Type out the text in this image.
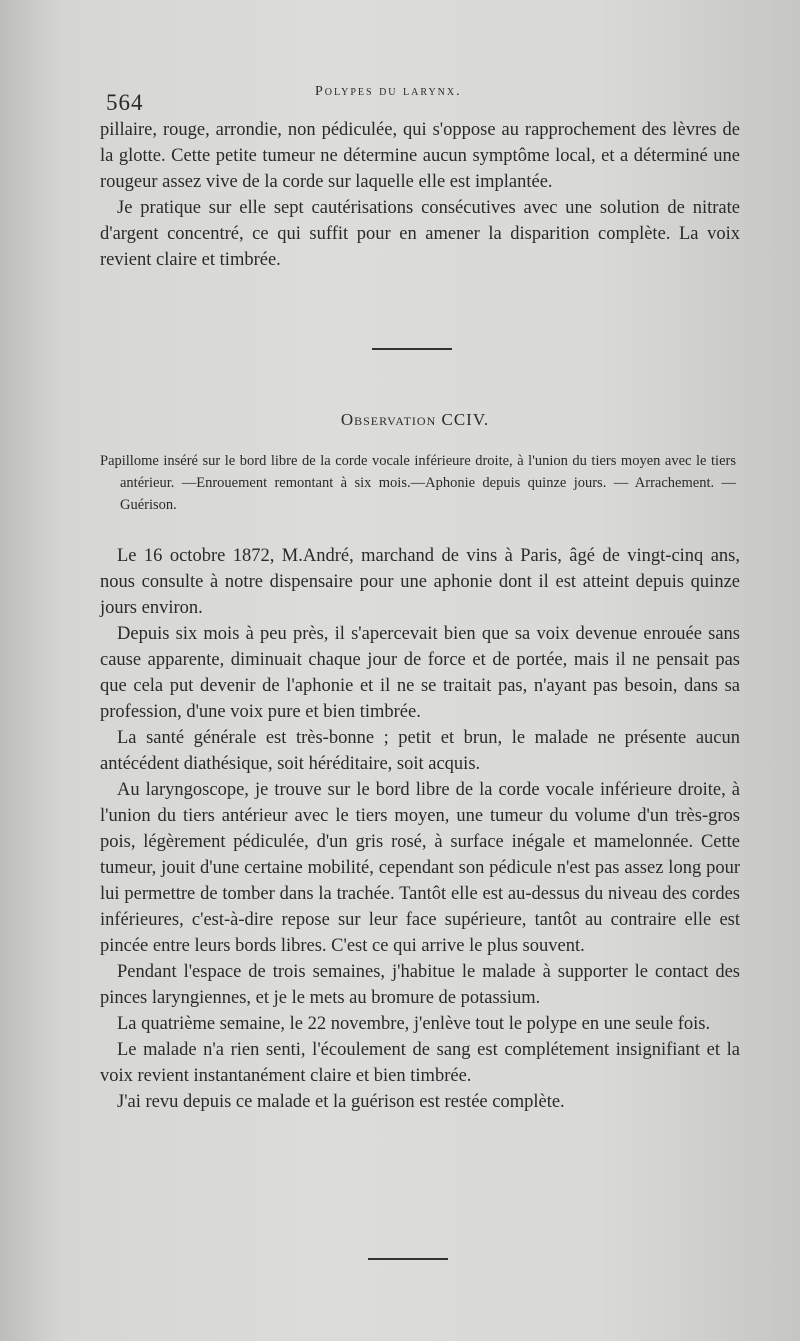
564	Polypes du larynx.

pillaire, rouge, arrondie, non pédiculée, qui s'oppose au rapprochement des lèvres de la glotte. Cette petite tumeur ne détermine aucun symptôme local, et a déterminé une rougeur assez vive de la corde sur laquelle elle est implantée.

Je pratique sur elle sept cautérisations consécutives avec une solution de nitrate d'argent concentré, ce qui suffit pour en amener la disparition complète. La voix revient claire et timbrée.

Observation CCIV.

Papillome inséré sur le bord libre de la corde vocale inférieure droite, à l'union du tiers moyen avec le tiers antérieur. —Enrouement remontant à six mois.—Aphonie depuis quinze jours. — Arrachement. — Guérison.

Le 16 octobre 1872, M.André, marchand de vins à Paris, âgé de vingt-cinq ans, nous consulte à notre dispensaire pour une aphonie dont il est atteint depuis quinze jours environ.

Depuis six mois à peu près, il s'apercevait bien que sa voix devenue enrouée sans cause apparente, diminuait chaque jour de force et de portée, mais il ne pensait pas que cela put devenir de l'aphonie et il ne se traitait pas, n'ayant pas besoin, dans sa profession, d'une voix pure et bien timbrée.

La santé générale est très-bonne ; petit et brun, le malade ne présente aucun antécédent diathésique, soit héréditaire, soit acquis.

Au laryngoscope, je trouve sur le bord libre de la corde vocale inférieure droite, à l'union du tiers antérieur avec le tiers moyen, une tumeur du volume d'un très-gros pois, légèrement pédiculée, d'un gris rosé, à surface inégale et mamelonnée. Cette tumeur, jouit d'une certaine mobilité, cependant son pédicule n'est pas assez long pour lui permettre de tomber dans la trachée. Tantôt elle est au-dessus du niveau des cordes inférieures, c'est-à-dire repose sur leur face supérieure, tantôt au contraire elle est pincée entre leurs bords libres. C'est ce qui arrive le plus souvent.

Pendant l'espace de trois semaines, j'habitue le malade à supporter le contact des pinces laryngiennes, et je le mets au bromure de potassium.

La quatrième semaine, le 22 novembre, j'enlève tout le polype en une seule fois.

Le malade n'a rien senti, l'écoulement de sang est complétement insignifiant et la voix revient instantanément claire et bien timbrée.

J'ai revu depuis ce malade et la guérison est restée complète.
